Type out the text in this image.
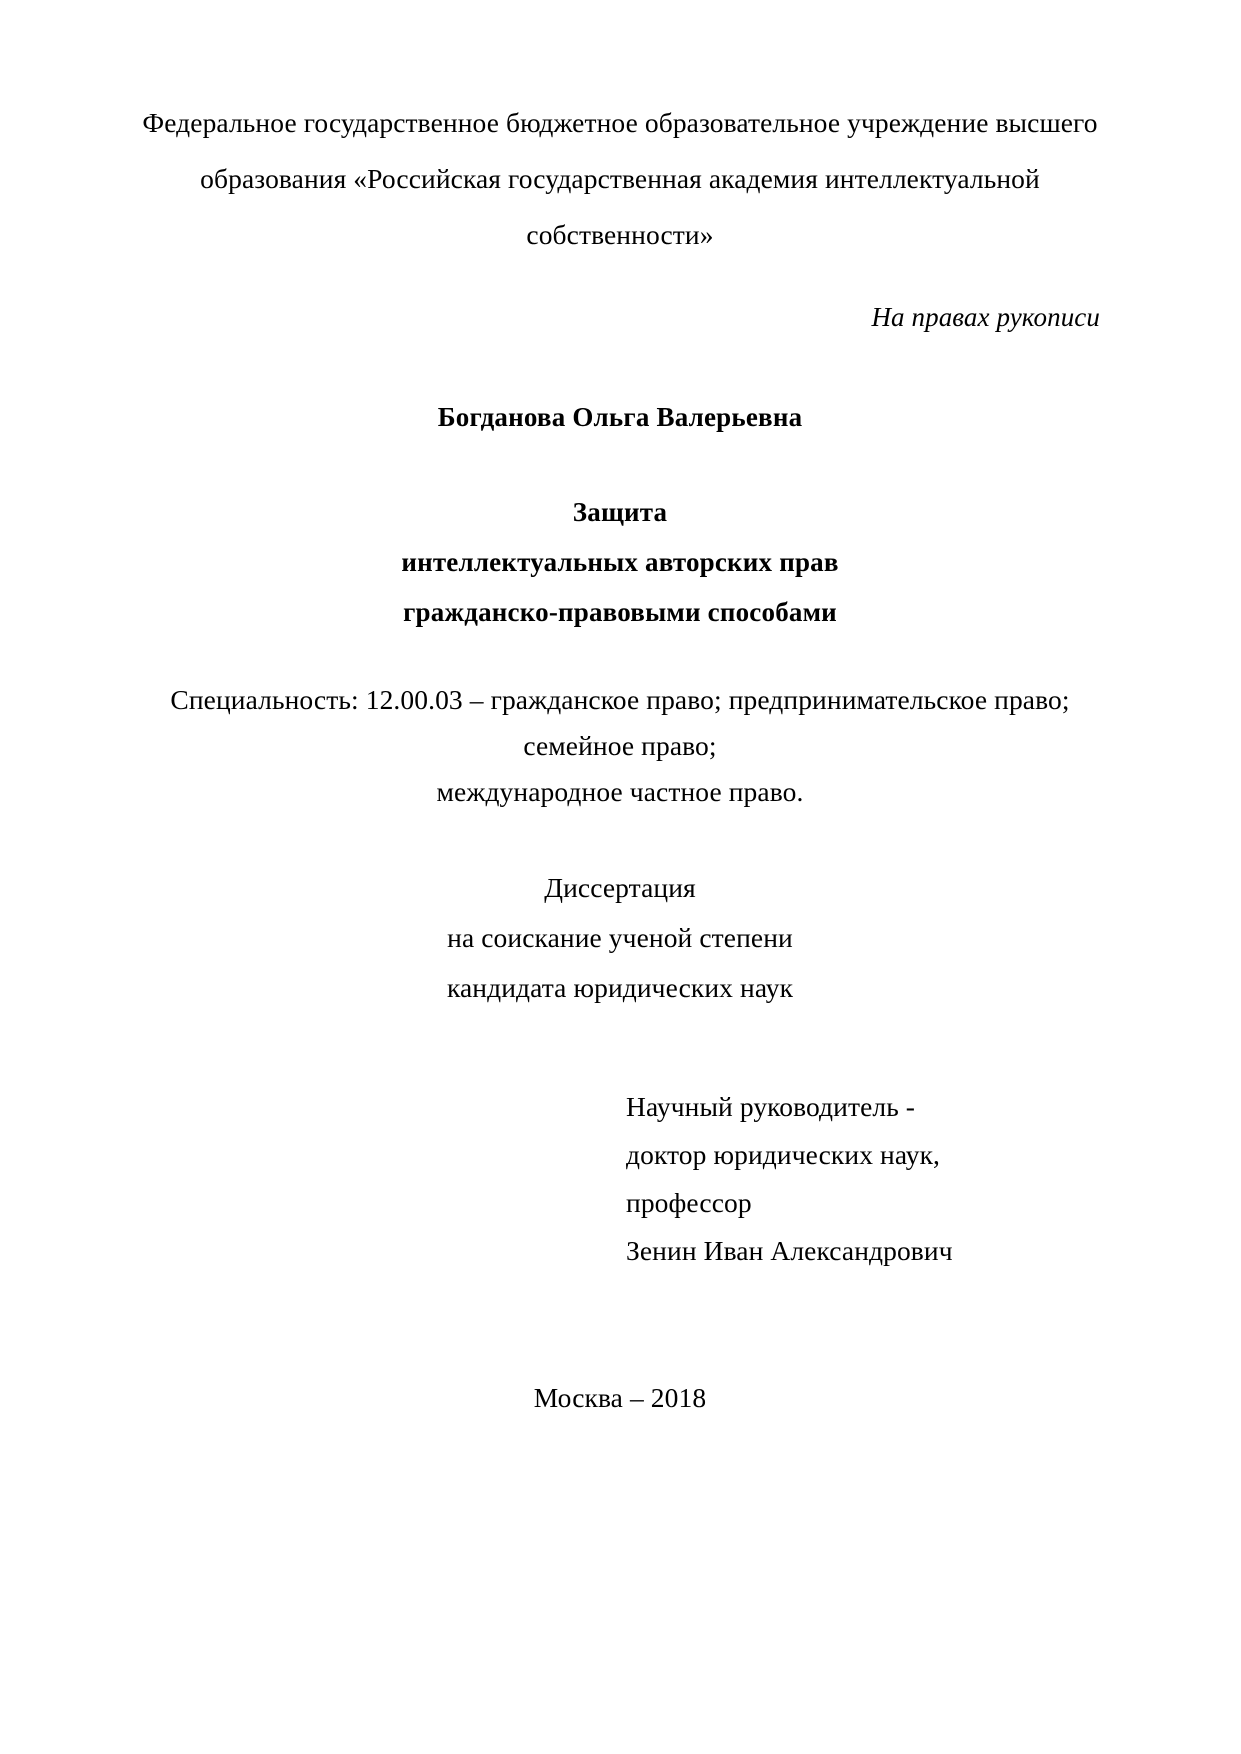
Федеральное государственное бюджетное образовательное учреждение высшего
образования «Российская государственная академия интеллектуальной
собственности»
На правах рукописи
Богданова Ольга Валерьевна
Защита
интеллектуальных авторских прав
гражданско-правовыми способами
Специальность: 12.00.03 – гражданское право; предпринимательское право;
семейное право;
международное частное право.
Диссертация
на соискание ученой степени
кандидата юридических наук
Научный руководитель -
доктор юридических наук,
профессор
Зенин Иван Александрович
Москва – 2018
